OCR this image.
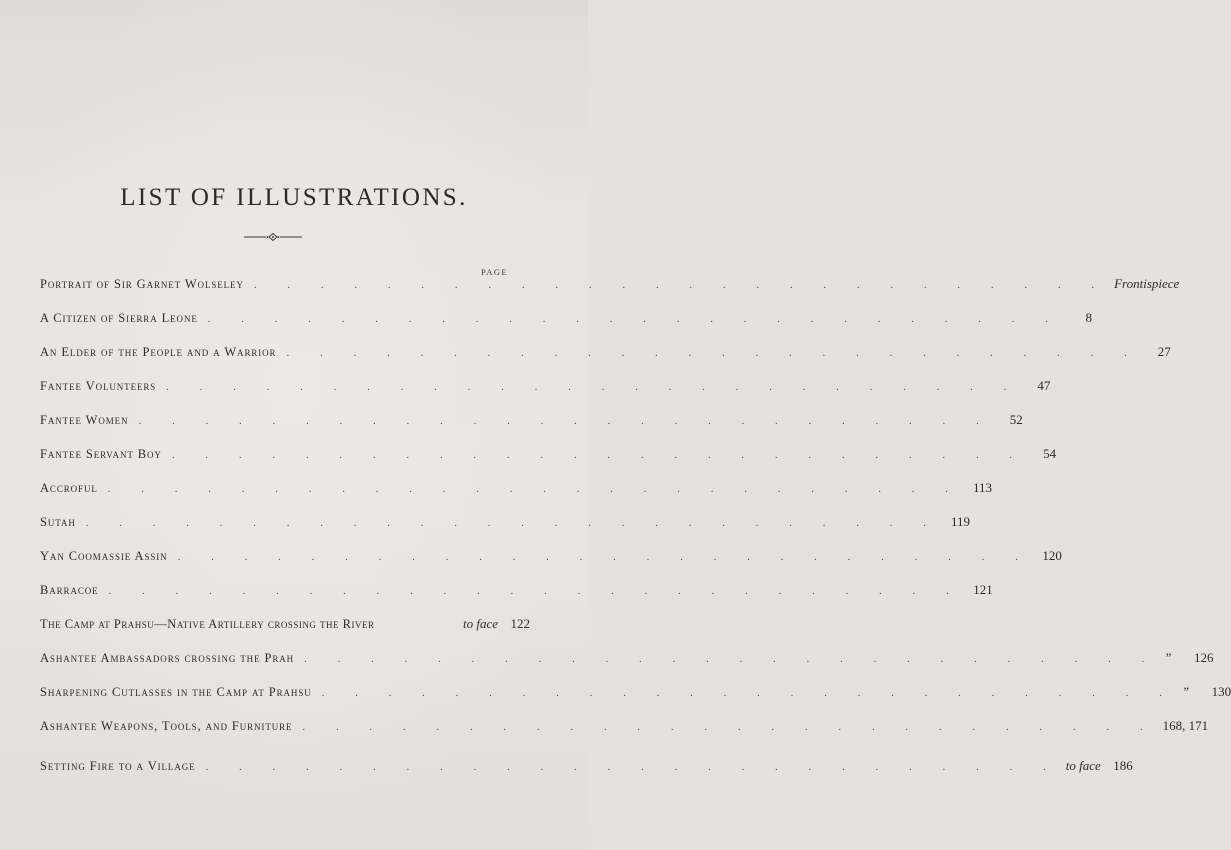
LIST OF ILLUSTRATIONS.
PAGE
Portrait of Sir Garnet Wolseley . . . . . . . . . . . . . . . . . . . . . . . . . . Frontispiece
A Citizen of Sierra Leone . . . . . . . . . . . . . . . . . . . . . . . . . .	8
An Elder of the People and a Warrior . . . . . . . . . . . . . . . . . . . . . . . . . .	27
Fantee Volunteers . . . . . . . . . . . . . . . . . . . . . . . . . .	47
Fantee Women . . . . . . . . . . . . . . . . . . . . . . . . . .	52
Fantee Servant Boy . . . . . . . . . . . . . . . . . . . . . . . . . .	54
Accroful . . . . . . . . . . . . . . . . . . . . . . . . . . 113
Sutah . . . . . . . . . . . . . . . . . . . . . . . . . . 119
Yan Coomassie Assin . . . . . . . . . . . . . . . . . . . . . . . . . . 120
Barracoe . . . . . . . . . . . . . . . . . . . . . . . . . . 121
The Camp at Prahsu—Native Artillery crossing the River	to face 122
Ashantee Ambassadors crossing the Prah . . . . . . . . . . . . . . . . . . . . . . . . . . ”	126
Sharpening Cutlasses in the Camp at Prahsu . . . . . . . . . . . . . . . . . . . . . . . . . . ”	130
Ashantee Weapons, Tools, and Furniture . . . . . . . . . . . . . . . . . . . . . . . . . . 168, 171
Setting Fire to a Village . . . . . . . . . . . . . . . . . . . . . . . . . . to face 186
